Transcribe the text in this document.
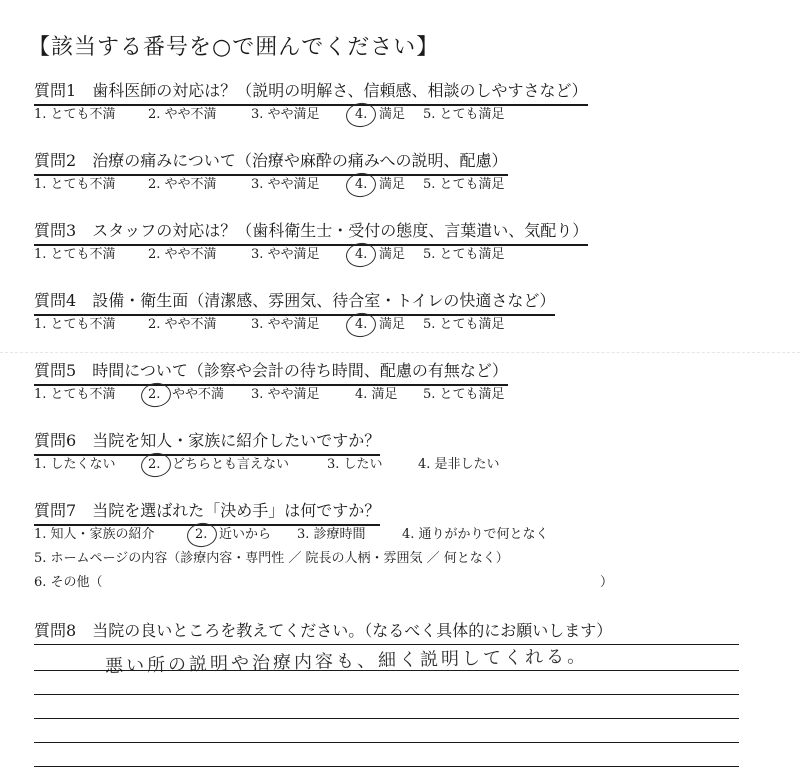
【該当する番号を○で囲んでください】
質問1 歯科医師の対応は？（説明の明解さ、信頼感、相談のしやすさなど）
1. とても不満 2. やや不満	3. やや満足	4. 満足 5. とても満足
質問2 治療の痛みについて（治療や麻酔の痛みへの説明、配慮）
1. とても不満 2. やや不満	3. やや満足	4. 満足 5. とても満足
質問3 スタッフの対応は？（歯科衛生士・受付の態度、言葉遣い、気配り）
1. とても不満 2. やや不満	3. やや満足	4. 満足 5. とても満足
質問4 設備・衛生面（清潔感、雰囲気、待合室・トイレの快適さなど）
1. とても不満 2. やや不満	3. やや満足	4. 満足 5. とても満足
質問5 時間について（診察や会計の待ち時間、配慮の有無など）
1. とても不満 2. やや不満 3. やや満足	4. 満足 5. とても満足
質問6 当院を知人・家族に紹介したいですか？
1. したくない 2. どちらとも言えない	3. したい	4. 是非したい
質問7 当院を選ばれた「決め手」は何ですか？
1. 知人・家族の紹介	2. 近いから 3. 診療時間	4. 通りがかりで何となく
5. ホームページの内容（診療内容・専門性 ／ 院長の人柄・雰囲気 ／ 何となく）
6. その他（	）
質問8 当院の良いところを教えてください。（なるべく具体的にお願いします）
悪い所の説明や治療内容も、細く説明してくれる。
